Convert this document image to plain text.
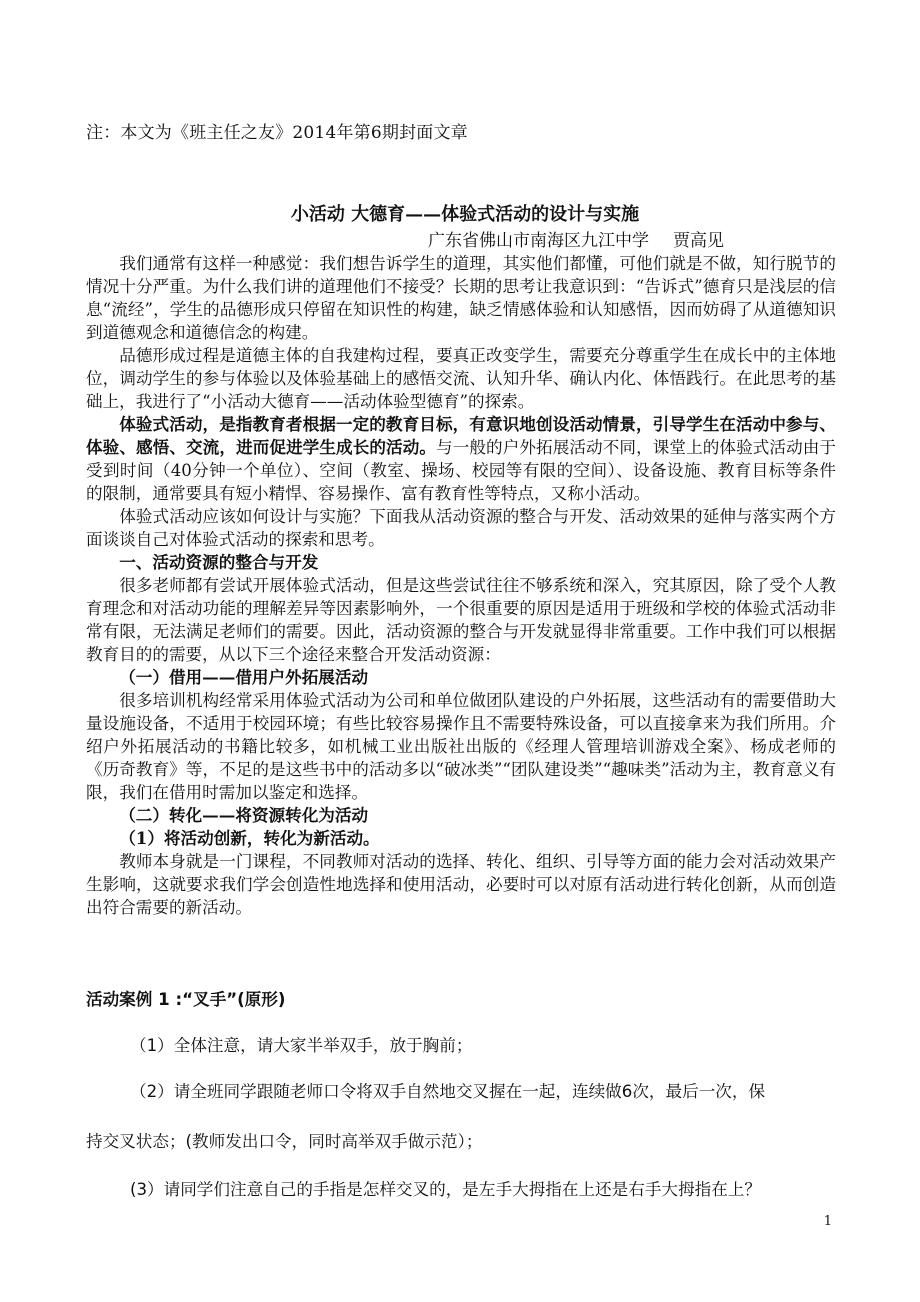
注：本文为《班主任之友》2014年第6期封面文章
小活动 大德育——体验式活动的设计与实施
广东省佛山市南海区九江中学 贾高见

我们通常有这样一种感觉：我们想告诉学生的道理，其实他们都懂，可他们就是不做，知行脱节的情况十分严重。为什么我们讲的道理他们不接受？长期的思考让我意识到：“告诉式”德育只是浅层的信息“流经”，学生的品德形成只停留在知识性的构建，缺乏情感体验和认知感悟，因而妨碍了从道德知识到道德观念和道德信念的构建。

品德形成过程是道德主体的自我建构过程，要真正改变学生，需要充分尊重学生在成长中的主体地位，调动学生的参与体验以及体验基础上的感悟交流、认知升华、确认内化、体悟践行。在此思考的基础上，我进行了“小活动大德育——活动体验型德育”的探索。

体验式活动，是指教育者根据一定的教育目标，有意识地创设活动情景，引导学生在活动中参与、体验、感悟、交流，进而促进学生成长的活动。与一般的户外拓展活动不同，课堂上的体验式活动由于受到时间（40分钟一个单位）、空间（教室、操场、校园等有限的空间）、设备设施、教育目标等条件的限制，通常要具有短小精悍、容易操作、富有教育性等特点，又称小活动。

体验式活动应该如何设计与实施？下面我从活动资源的整合与开发、活动效果的延伸与落实两个方面谈谈自己对体验式活动的探索和思考。

一、活动资源的整合与开发

很多老师都有尝试开展体验式活动，但是这些尝试往往不够系统和深入，究其原因，除了受个人教育理念和对活动功能的理解差异等因素影响外，一个很重要的原因是适用于班级和学校的体验式活动非常有限，无法满足老师们的需要。因此，活动资源的整合与开发就显得非常重要。工作中我们可以根据教育目的的需要，从以下三个途径来整合开发活动资源：

（一）借用——借用户外拓展活动

很多培训机构经常采用体验式活动为公司和单位做团队建设的户外拓展，这些活动有的需要借助大量设施设备，不适用于校园环境；有些比较容易操作且不需要特殊设备，可以直接拿来为我们所用。介绍户外拓展活动的书籍比较多，如机械工业出版社出版的《经理人管理培训游戏全案》、杨成老师的《历奇教育》等，不足的是这些书中的活动多以“破冰类”“团队建设类”“趣味类”活动为主，教育意义有限，我们在借用时需加以鉴定和选择。

（二）转化——将资源转化为活动

（1）将活动创新，转化为新活动。

教师本身就是一门课程，不同教师对活动的选择、转化、组织、引导等方面的能力会对活动效果产生影响，这就要求我们学会创造性地选择和使用活动，必要时可以对原有活动进行转化创新，从而创造出符合需要的新活动。

活动案例 1 :“叉手”(原形)

（1）全体注意，请大家半举双手，放于胸前；

（2）请全班同学跟随老师口令将双手自然地交叉握在一起，连续做6次，最后一次，保

持交叉状态；(教师发出口令，同时高举双手做示范）；

(3）请同学们注意自己的手指是怎样交叉的，是左手大拇指在上还是右手大拇指在上？

1
